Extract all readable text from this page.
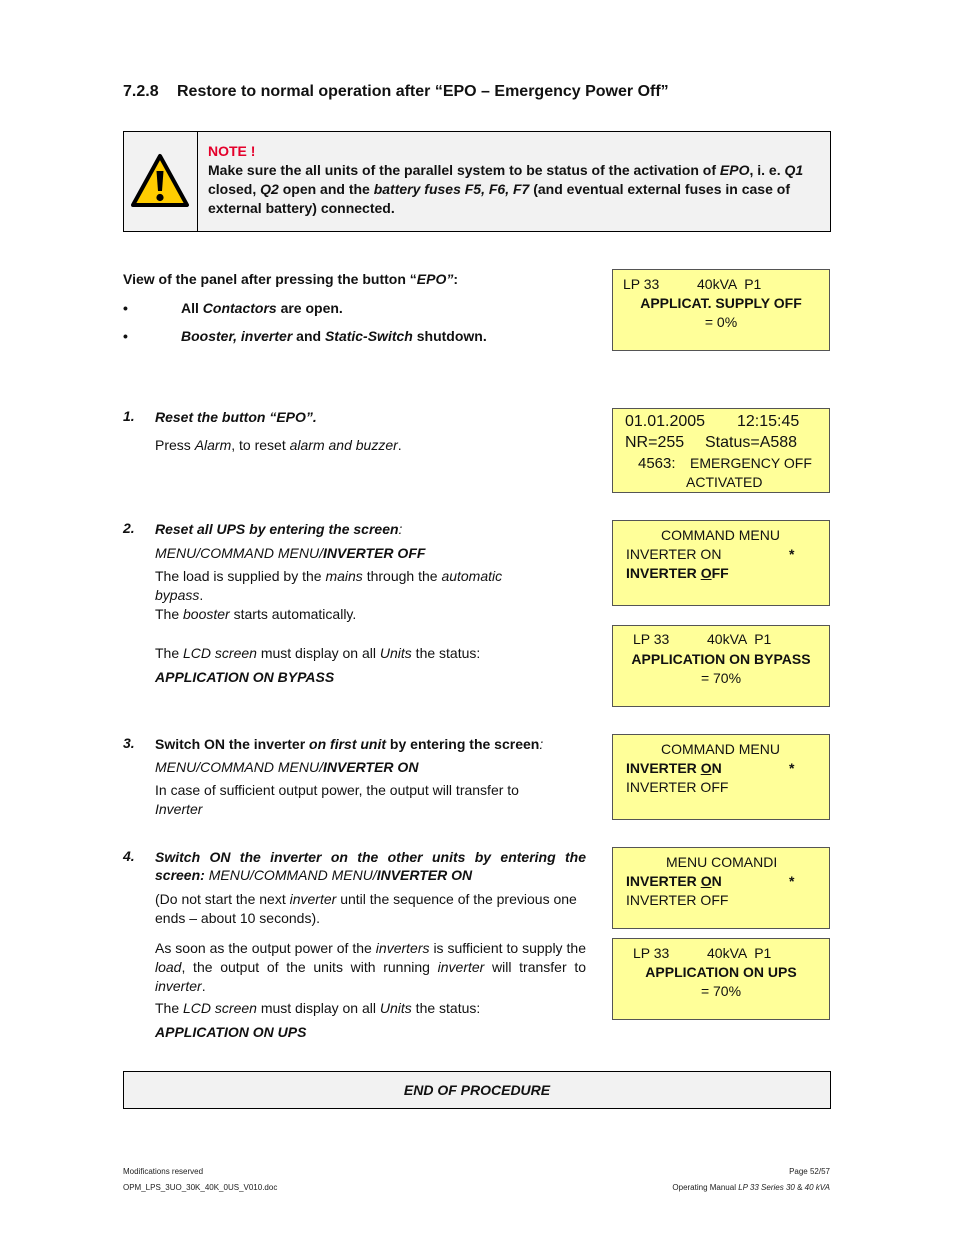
7.2.8 Restore to normal operation after “EPO – Emergency Power Off”
NOTE !
Make sure the all units of the parallel system to be status of the activation of EPO, i. e. Q1 closed, Q2 open and the battery fuses F5, F6, F7 (and eventual external fuses in case of external battery) connected.
View of the panel after pressing the button “EPO”:
•	All Contactors are open.
•	Booster, inverter and Static-Switch shutdown.
LP 33	40kVA  P1
APPLICAT. SUPPLY OFF
= 0%
1. Reset the button “EPO”.
Press Alarm, to reset alarm and buzzer.
01.01.2005 12:15:45
NR=255 Status=A588
4563: EMERGENCY OFF
ACTIVATED
2. Reset all UPS by entering the screen:
MENU/COMMAND MENU/INVERTER OFF
The load is supplied by the mains through the automatic
bypass.
The booster starts automatically.
The LCD screen must display on all Units the status:
APPLICATION ON BYPASS
COMMAND MENU
INVERTER ON	*
INVERTER OFF
LP 33	40kVA  P1
APPLICATION ON BYPASS
= 70%
3. Switch ON the inverter on first unit by entering the screen:
MENU/COMMAND MENU/INVERTER ON
In case of sufficient output power, the output will transfer to
Inverter
COMMAND MENU
INVERTER ON	*
INVERTER OFF
4. Switch ON the inverter on the other units by entering the
screen: MENU/COMMAND MENU/INVERTER ON
(Do not start the next inverter until the sequence of the previous one ends – about 10 seconds).
As soon as the output power of the inverters is sufficient to supply the load, the output of the units with running inverter will transfer to inverter.
The LCD screen must display on all Units the status:
APPLICATION ON UPS
MENU COMANDI
INVERTER ON	*
INVERTER OFF
LP 33	40kVA  P1
APPLICATION ON UPS
= 70%
END OF PROCEDURE
Modifications reserved
OPM_LPS_3UO_30K_40K_0US_V010.doc
Page 52/57
Operating Manual LP 33 Series 30 & 40 kVA
